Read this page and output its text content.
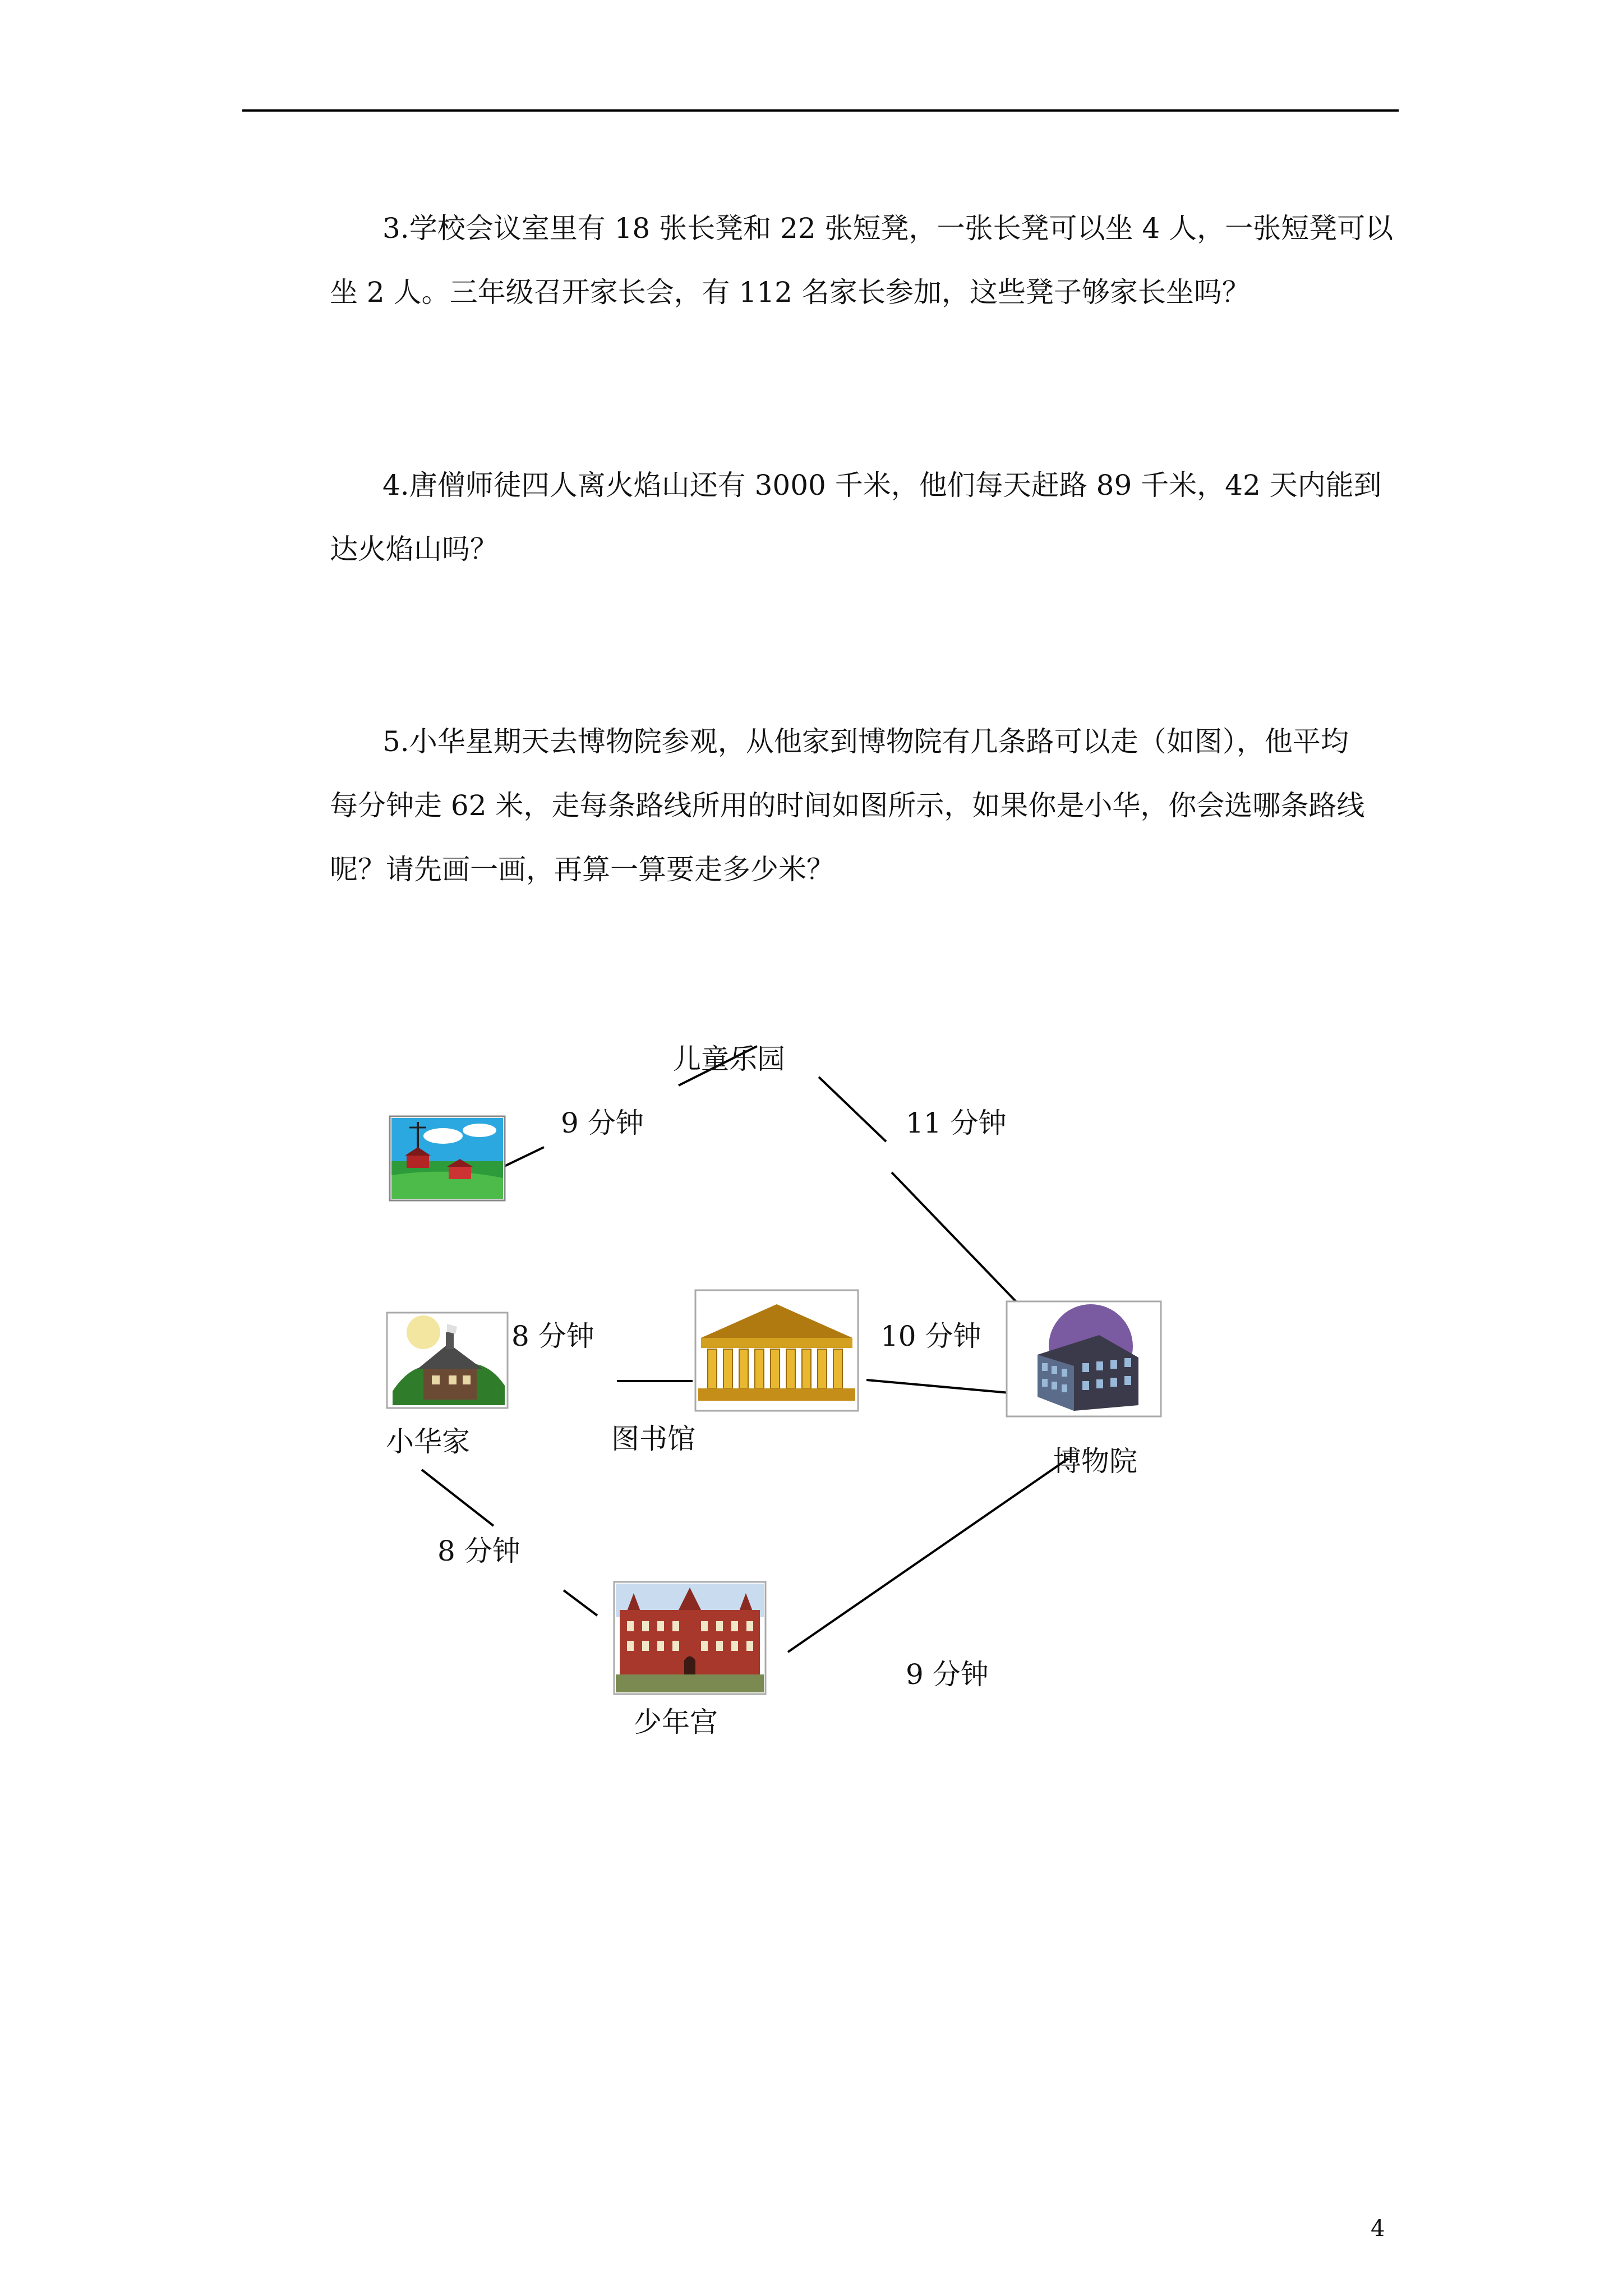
3.学校会议室里有 18 张长凳和 22 张短凳，一张长凳可以坐 4 人，一张短凳可以
坐 2 人。三年级召开家长会，有 112 名家长参加，这些凳子够家长坐吗？

4.唐僧师徒四人离火焰山还有 3000 千米，他们每天赶路 89 千米，42 天内能到
达火焰山吗？

5.小华星期天去博物院参观，从他家到博物院有几条路可以走（如图），他平均
每分钟走 62 米，走每条路线所用的时间如图所示，如果你是小华，你会选哪条路线
呢？请先画一画，再算一算要走多少米？

儿童乐园
小华家	图书馆
博物院
少年宫
9 分钟	11 分钟
8 分钟	10 分钟
8 分钟
9 分钟
4
